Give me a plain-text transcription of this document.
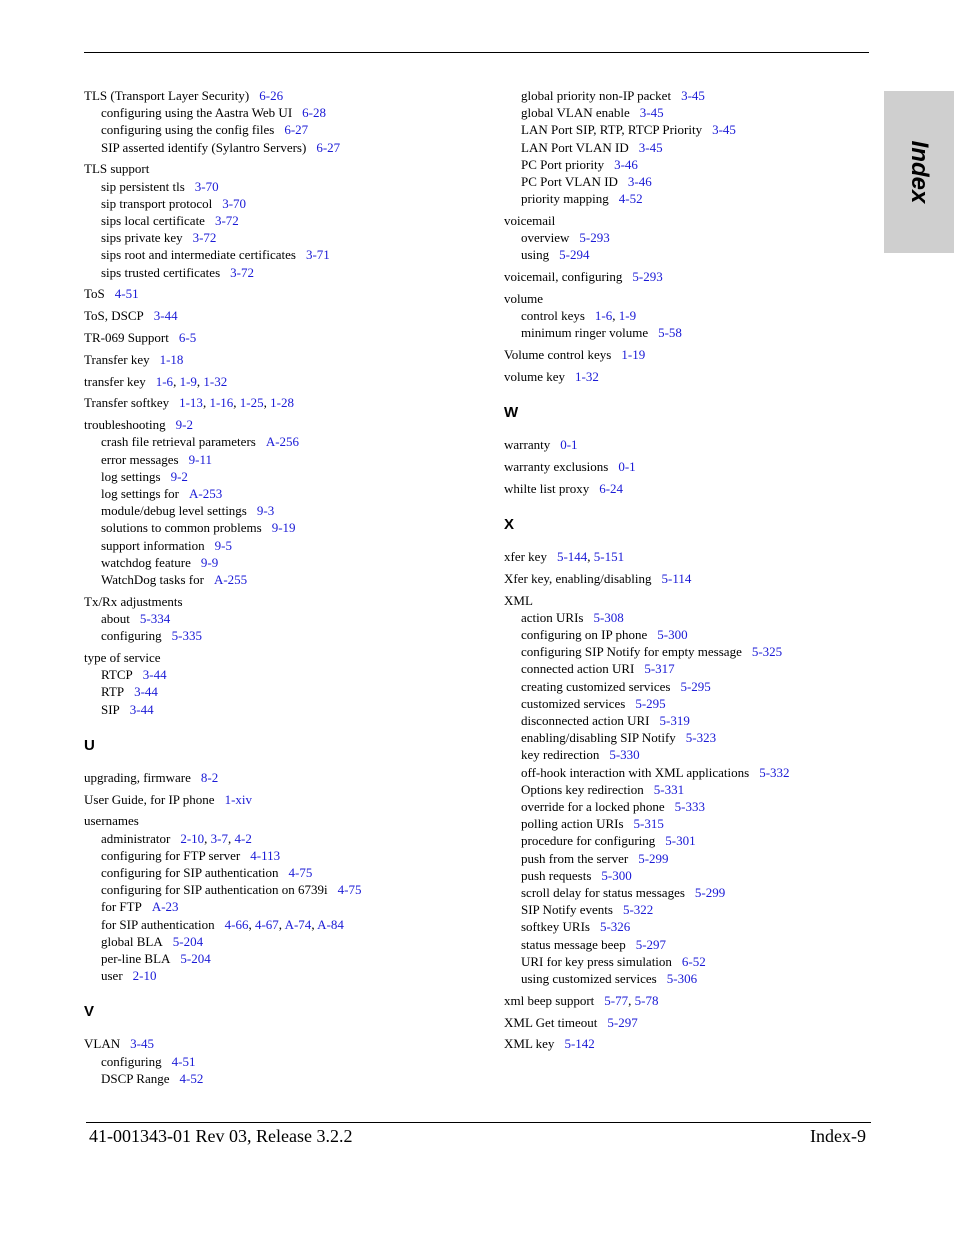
Index
TLS (Transport Layer Security) 6-26
configuring using the Aastra Web UI 6-28
configuring using the config files 6-27
SIP asserted identify (Sylantro Servers) 6-27
TLS support
sip persistent tls 3-70
sip transport protocol 3-70
sips local certificate 3-72
sips private key 3-72
sips root and intermediate certificates 3-71
sips trusted certificates 3-72
ToS 4-51
ToS, DSCP 3-44
TR-069 Support 6-5
Transfer key 1-18
transfer key 1-6, 1-9, 1-32
Transfer softkey 1-13, 1-16, 1-25, 1-28
troubleshooting 9-2
crash file retrieval parameters A-256
error messages 9-11
log settings 9-2
log settings for A-253
module/debug level settings 9-3
solutions to common problems 9-19
support information 9-5
watchdog feature 9-9
WatchDog tasks for A-255
Tx/Rx adjustments
about 5-334
configuring 5-335
type of service
RTCP 3-44
RTP 3-44
SIP 3-44
U
upgrading, firmware 8-2
User Guide, for IP phone 1-xiv
usernames
administrator 2-10, 3-7, 4-2
configuring for FTP server 4-113
configuring for SIP authentication 4-75
configuring for SIP authentication on 6739i 4-75
for FTP A-23
for SIP authentication 4-66, 4-67, A-74, A-84
global BLA 5-204
per-line BLA 5-204
user 2-10
V
VLAN 3-45
configuring 4-51
DSCP Range 4-52
global priority non-IP packet 3-45
global VLAN enable 3-45
LAN Port SIP, RTP, RTCP Priority 3-45
LAN Port VLAN ID 3-45
PC Port priority 3-46
PC Port VLAN ID 3-46
priority mapping 4-52
voicemail
overview 5-293
using 5-294
voicemail, configuring 5-293
volume
control keys 1-6, 1-9
minimum ringer volume 5-58
Volume control keys 1-19
volume key 1-32
W
warranty 0-1
warranty exclusions 0-1
whilte list proxy 6-24
X
xfer key 5-144, 5-151
Xfer key, enabling/disabling 5-114
XML
action URIs 5-308
configuring on IP phone 5-300
configuring SIP Notify for empty message 5-325
connected action URI 5-317
creating customized services 5-295
customized services 5-295
disconnected action URI 5-319
enabling/disabling SIP Notify 5-323
key redirection 5-330
off-hook interaction with XML applications 5-332
Options key redirection 5-331
override for a locked phone 5-333
polling action URIs 5-315
procedure for configuring 5-301
push from the server 5-299
push requests 5-300
scroll delay for status messages 5-299
SIP Notify events 5-322
softkey URIs 5-326
status message beep 5-297
URI for key press simulation 6-52
using customized services 5-306
xml beep support 5-77, 5-78
XML Get timeout 5-297
XML key 5-142
41-001343-01 Rev 03, Release 3.2.2	Index-9
